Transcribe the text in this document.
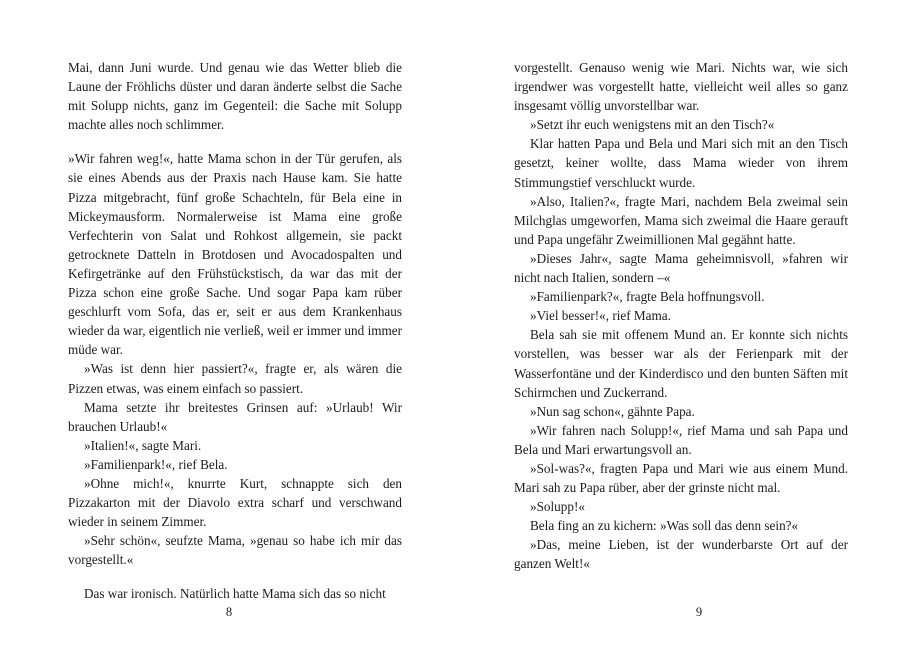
Mai, dann Juni wurde. Und genau wie das Wetter blieb die Laune der Fröhlichs düster und daran änderte selbst die Sache mit Solupp nichts, ganz im Gegenteil: die Sache mit Solupp machte alles noch schlimmer.

»Wir fahren weg!«, hatte Mama schon in der Tür gerufen, als sie eines Abends aus der Praxis nach Hause kam. Sie hatte Pizza mitgebracht, fünf große Schachteln, für Bela eine in Mickeymausform. Normalerweise ist Mama eine große Verfechterin von Salat und Rohkost allgemein, sie packt getrocknete Datteln in Brotdosen und Avocadospalten und Kefirgetränke auf den Frühstückstisch, da war das mit der Pizza schon eine große Sache. Und sogar Papa kam rüber geschlurft vom Sofa, das er, seit er aus dem Krankenhaus wieder da war, eigentlich nie verließ, weil er immer und immer müde war.

»Was ist denn hier passiert?«, fragte er, als wären die Pizzen etwas, was einem einfach so passiert.

Mama setzte ihr breitestes Grinsen auf: »Urlaub! Wir brauchen Urlaub!«

»Italien!«, sagte Mari.

»Familienpark!«, rief Bela.

»Ohne mich!«, knurrte Kurt, schnappte sich den Pizzakarton mit der Diavolo extra scharf und verschwand wieder in seinem Zimmer.

»Sehr schön«, seufzte Mama, »genau so habe ich mir das vorgestellt.«

Das war ironisch. Natürlich hatte Mama sich das so nicht

8

vorgestellt. Genauso wenig wie Mari. Nichts war, wie sich irgendwer was vorgestellt hatte, vielleicht weil alles so ganz insgesamt völlig unvorstellbar war.

»Setzt ihr euch wenigstens mit an den Tisch?«

Klar hatten Papa und Bela und Mari sich mit an den Tisch gesetzt, keiner wollte, dass Mama wieder von ihrem Stimmungstief verschluckt wurde.

»Also, Italien?«, fragte Mari, nachdem Bela zweimal sein Milchglas umgeworfen, Mama sich zweimal die Haare gerauft und Papa ungefähr Zweimillionen Mal gegähnt hatte.

»Dieses Jahr«, sagte Mama geheimnisvoll, »fahren wir nicht nach Italien, sondern –«

»Familienpark?«, fragte Bela hoffnungsvoll.

»Viel besser!«, rief Mama.

Bela sah sie mit offenem Mund an. Er konnte sich nichts vorstellen, was besser war als der Ferienpark mit der Wasserfontäne und der Kinderdisco und den bunten Säften mit Schirmchen und Zuckerrand.

»Nun sag schon«, gähnte Papa.

»Wir fahren nach Solupp!«, rief Mama und sah Papa und Bela und Mari erwartungsvoll an.

»Sol-was?«, fragten Papa und Mari wie aus einem Mund. Mari sah zu Papa rüber, aber der grinste nicht mal.

»Solupp!«

Bela fing an zu kichern: »Was soll das denn sein?«

»Das, meine Lieben, ist der wunderbarste Ort auf der ganzen Welt!«

9
